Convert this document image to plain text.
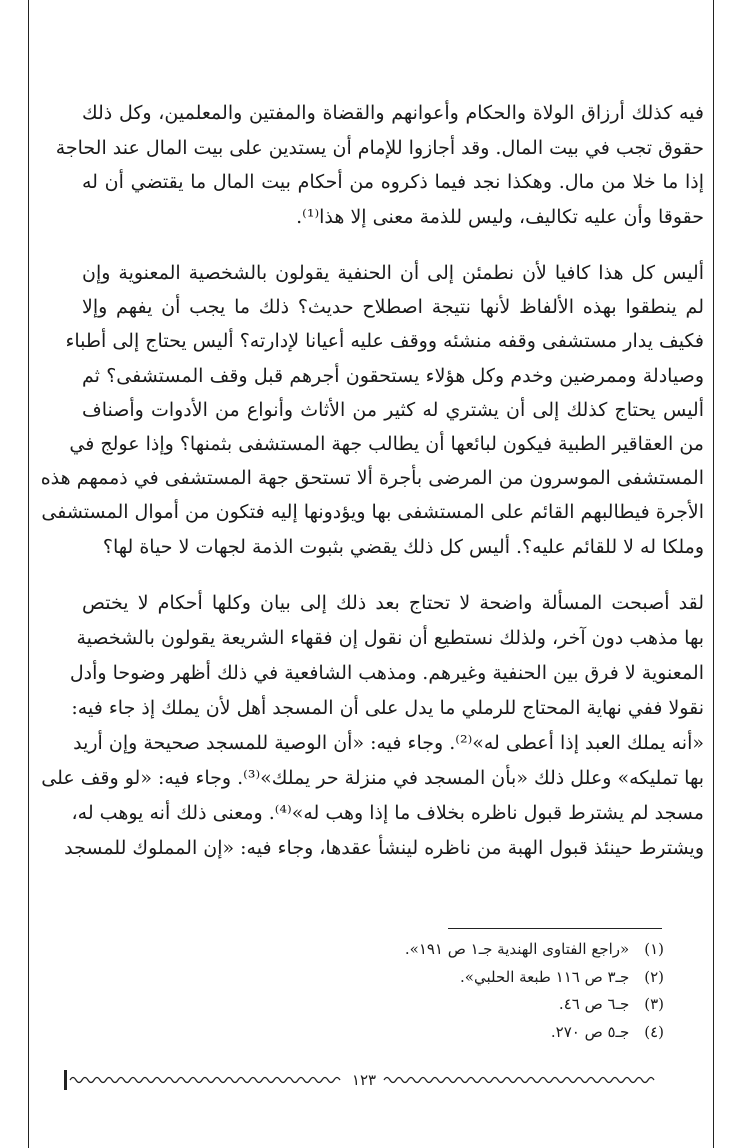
فيه كذلك أرزاق الولاة والحكام وأعوانهم والقضاة والمفتين والمعلمين، وكل ذلك
حقوق تجب في بيت المال. وقد أجازوا للإمام أن يستدين على بيت المال عند الحاجة
إذا ما خلا من مال. وهكذا نجد فيما ذكروه من أحكام بيت المال ما يقتضي أن له
حقوقا وأن عليه تكاليف، وليس للذمة معنى إلا هذا⁽¹⁾.

أليس كل هذا كافيا لأن نطمئن إلى أن الحنفية يقولون بالشخصية المعنوية وإن
لم ينطقوا بهذه الألفاظ لأنها نتيجة اصطلاح حديث؟ ذلك ما يجب أن يفهم وإلا
فكيف يدار مستشفى وقفه منشئه ووقف عليه أعيانا لإدارته؟ أليس يحتاج إلى أطباء
وصيادلة وممرضين وخدم وكل هؤلاء يستحقون أجرهم قبل وقف المستشفى؟ ثم
أليس يحتاج كذلك إلى أن يشتري له كثير من الأثاث وأنواع من الأدوات وأصناف
من العقاقير الطبية فيكون لبائعها أن يطالب جهة المستشفى بثمنها؟ وإذا عولج في
المستشفى الموسرون من المرضى بأجرة ألا تستحق جهة المستشفى في ذممهم هذه
الأجرة فيطالبهم القائم على المستشفى بها ويؤدونها إليه فتكون من أموال المستشفى
وملكا له لا للقائم عليه؟. أليس كل ذلك يقضي بثبوت الذمة لجهات لا حياة لها؟

لقد أصبحت المسألة واضحة لا تحتاج بعد ذلك إلى بيان وكلها أحكام لا يختص
بها مذهب دون آخر، ولذلك نستطيع أن نقول إن فقهاء الشريعة يقولون بالشخصية
المعنوية لا فرق بين الحنفية وغيرهم. ومذهب الشافعية في ذلك أظهر وضوحا وأدل
نقولا ففي نهاية المحتاج للرملي ما يدل على أن المسجد أهل لأن يملك إذ جاء فيه:
«أنه يملك العبد إذا أعطى له»⁽²⁾. وجاء فيه: «أن الوصية للمسجد صحيحة وإن أريد
بها تمليكه» وعلل ذلك «بأن المسجد في منزلة حر يملك»⁽³⁾. وجاء فيه: «لو وقف على
مسجد لم يشترط قبول ناظره بخلاف ما إذا وهب له»⁽⁴⁾. ومعنى ذلك أنه يوهب له،
ويشترط حينئذ قبول الهبة من ناظره لينشأ عقدها، وجاء فيه: «إن المملوك للمسجد

(١) «راجع الفتاوى الهندية جـ١ ص ١٩١».
(٢) جـ٣ ص ١١٦ طبعة الحلبي».
(٣) جـ٦ ص ٤٦.
(٤) جـ٥ ص ٢٧٠.
١٢٣
